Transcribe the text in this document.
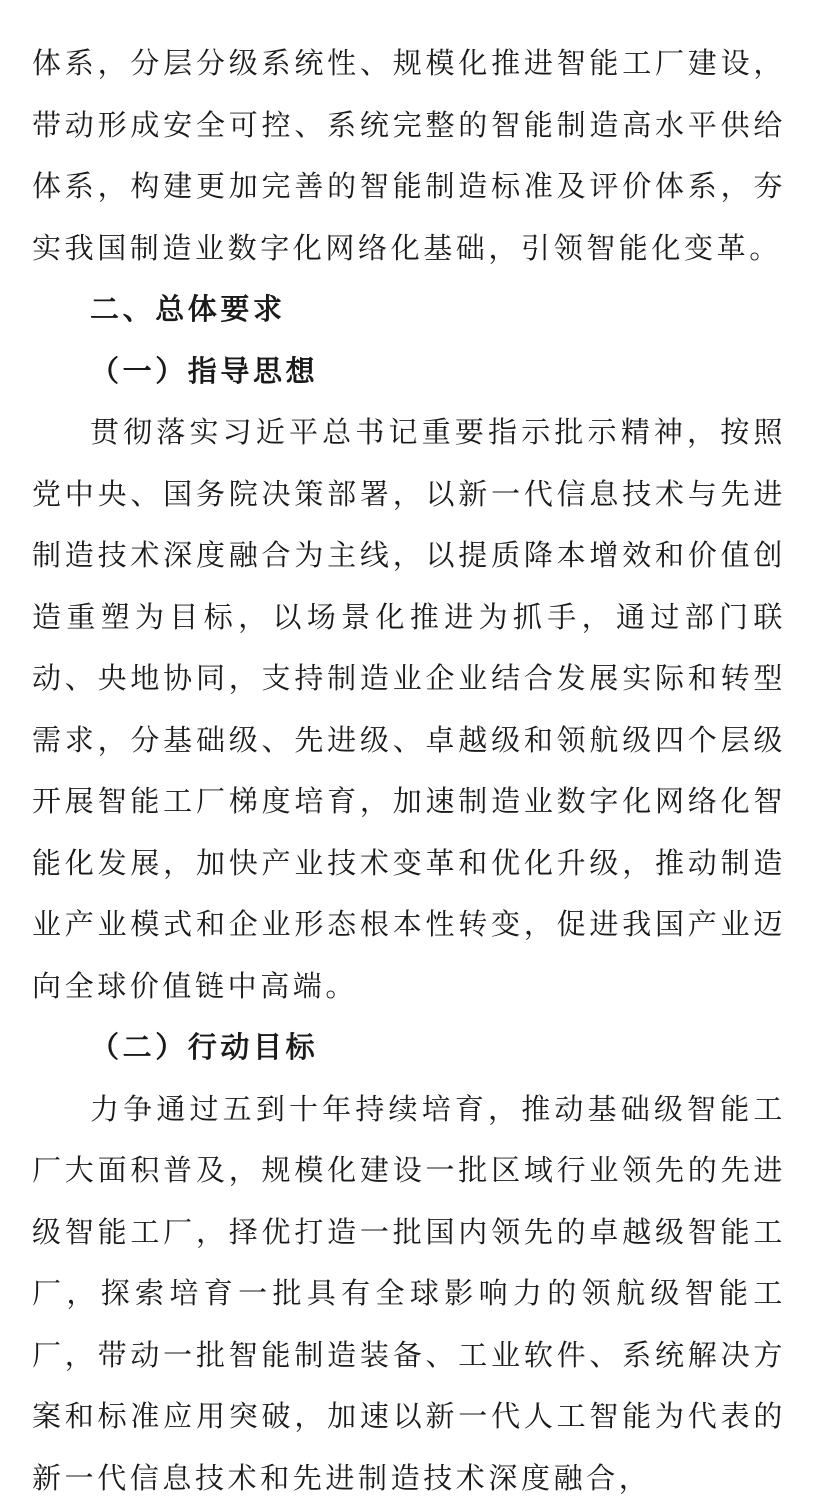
体系，分层分级系统性、规模化推进智能工厂建设，带动形成安全可控、系统完整的智能制造高水平供给体系，构建更加完善的智能制造标准及评价体系，夯实我国制造业数字化网络化基础，引领智能化变革。

二、总体要求

（一）指导思想

贯彻落实习近平总书记重要指示批示精神，按照党中央、国务院决策部署，以新一代信息技术与先进制造技术深度融合为主线，以提质降本增效和价值创造重塑为目标，以场景化推进为抓手，通过部门联动、央地协同，支持制造业企业结合发展实际和转型需求，分基础级、先进级、卓越级和领航级四个层级开展智能工厂梯度培育，加速制造业数字化网络化智能化发展，加快产业技术变革和优化升级，推动制造业产业模式和企业形态根本性转变，促进我国产业迈向全球价值链中高端。

（二）行动目标

力争通过五到十年持续培育，推动基础级智能工厂大面积普及，规模化建设一批区域行业领先的先进级智能工厂，择优打造一批国内领先的卓越级智能工厂，探索培育一批具有全球影响力的领航级智能工厂，带动一批智能制造装备、工业软件、系统解决方案和标准应用突破，加速以新一代人工智能为代表的新一代信息技术和先进制造技术深度融合，
